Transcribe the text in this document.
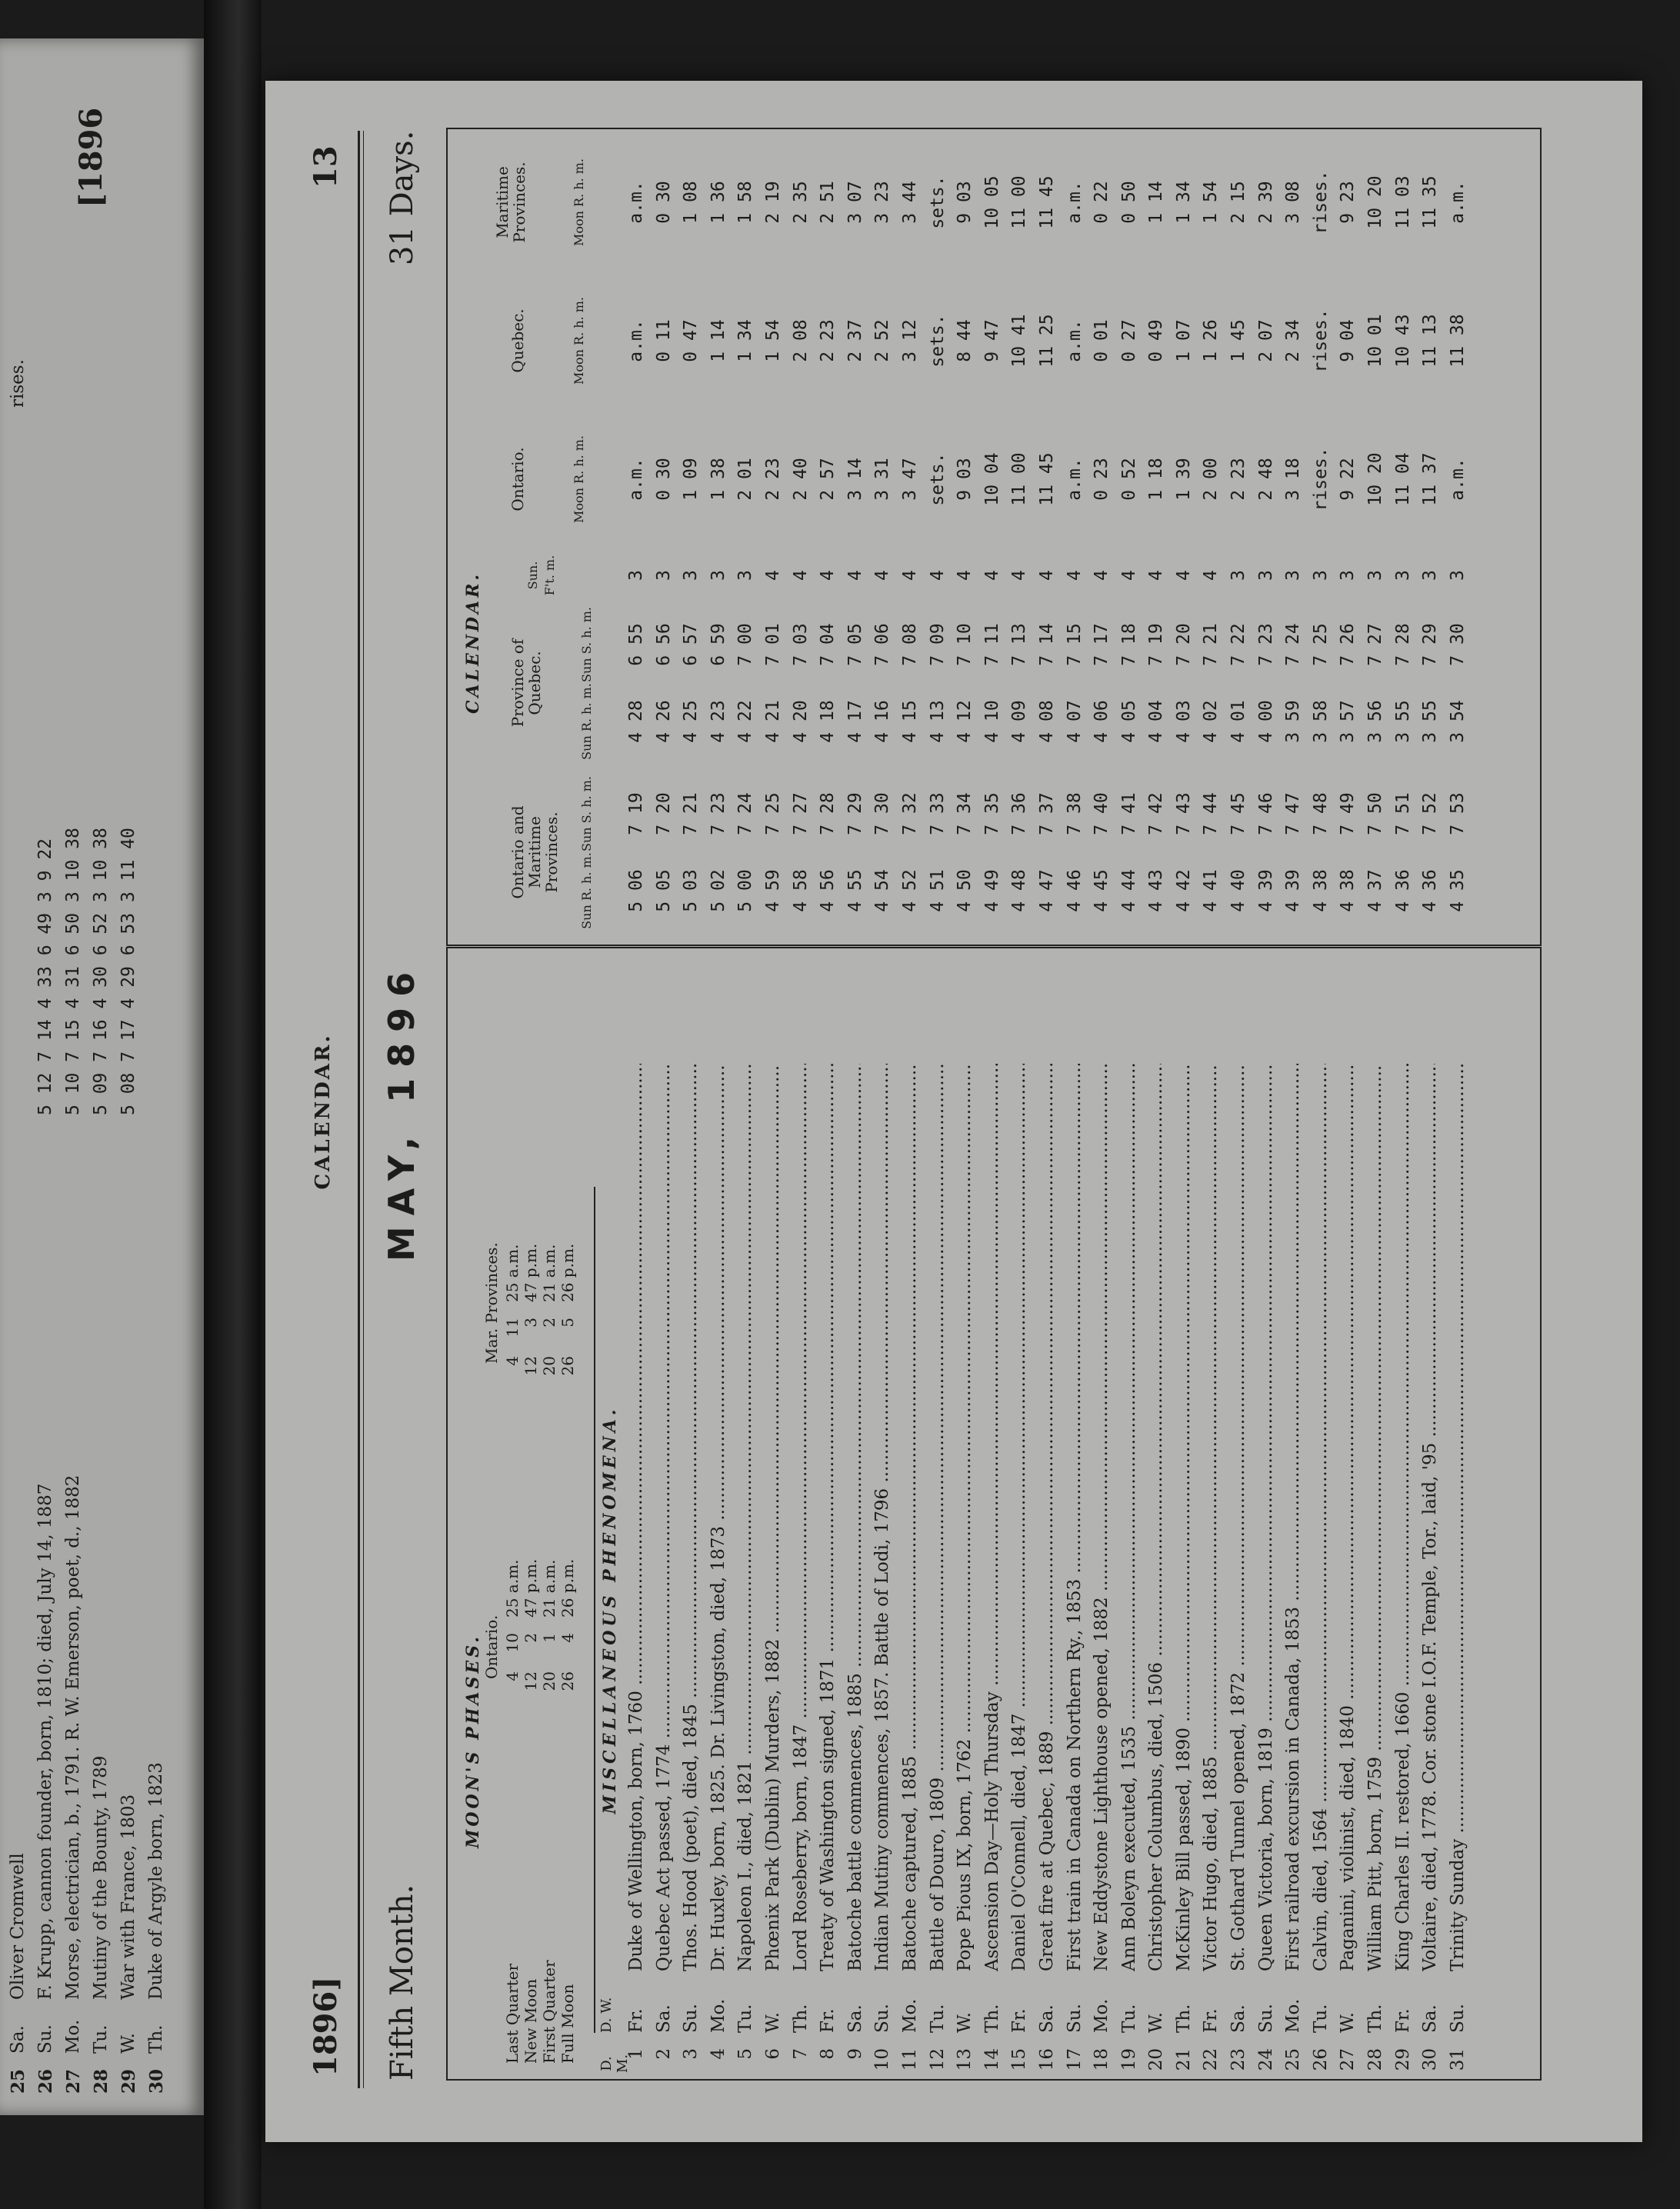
[1896
25
Sa.
Oliver Cromwell
rises.
26
Su.
F. Krupp, cannon founder, born, 1810; died, July 14, 1887
5 12 7 14 4 33 6 49 3 9 22
27
Mo.
Morse, electrician, b., 1791. R. W. Emerson, poet, d., 1882
5 10 7 15 4 31 6 50 3 10 38
28
Tu.
Mutiny of the Bounty, 1789
5 09 7 16 4 30 6 52 3 10 38
29
W.
War with France, 1803
5 08 7 17 4 29 6 53 3 11 40
30
Th.
Duke of Argyle born, 1823
1896]
CALENDAR.
13
Fifth Month.
MAY, 1896
31 Days.
MOON'S PHASES. Ontario.
Mar. Provinces.
Last Quarter
4
10
25 a.m.
4
11
25 a.m.
New Moon
12
2
47 p.m.
12
3
47 p.m.
First Quarter
20
1
21 a.m.
20
2
21 a.m.
Full Moon
26
4
26 p.m.
26
5
26 p.m.
MISCELLANEOUS PHENOMENA.
D. M.
D. W.
1
Fr.
Duke of Wellington, born, 1760 .....
2
Sa.
Quebec Act passed, 1774 .....
3
Su.
Thos. Hood (poet), died, 1845 .....
4
Mo.
Dr. Huxley, born, 1825. Dr. Livingston, died, 1873 .....
5
Tu.
Napoleon I., died, 1821 .....
6
W.
Phœnix Park (Dublin) Murders, 1882 .....
7
Th.
Lord Roseberry, born, 1847 .....
8
Fr.
Treaty of Washington signed, 1871 .....
9
Sa.
Batoche battle commences, 1885 .....
10
Su.
Indian Mutiny commences, 1857. Battle of Lodi, 1796 .....
11
Mo.
Batoche captured, 1885 .....
12
Tu.
Battle of Douro, 1809 .....
13
W.
Pope Pious IX, born, 1762 .....
14
Th.
Ascension Day—Holy Thursday .....
15
Fr.
Daniel O'Connell, died, 1847 .....
16
Sa.
Great fire at Quebec, 1889 .....
17
Su.
First train in Canada on Northern Ry., 1853 .....
18
Mo.
New Eddystone Lighthouse opened, 1882 .....
19
Tu.
Ann Boleyn executed, 1535 .....
20
W.
Christopher Columbus, died, 1506 .....
21
Th.
McKinley Bill passed, 1890 .....
22
Fr.
Victor Hugo, died, 1885 .....
23
Sa.
St. Gothard Tunnel opened, 1872 .....
24
Su.
Queen Victoria, born, 1819 .....
25
Mo.
First railroad excursion in Canada, 1853 .....
26
Tu.
Calvin, died, 1564 .....
27
W.
Paganini, violinist, died, 1840 .....
28
Th.
William Pitt, born, 1759 .....
29
Fr.
King Charles II. restored, 1660 .....
30
Sa.
Voltaire, died, 1778. Cor. stone I.O.F. Temple, Tor., laid, '95 .....
31
Su.
Trinity Sunday .....
CALENDAR.
Ontario and Maritime Provinces.
Province of Quebec.
Sun R. h. m.
Sun S. h. m.
Sun R. h. m.
Sun S. h. m.
Sun. F't. m.
Ontario.
Quebec.
Maritime Provinces.
Moon R. h. m.
Moon R. h. m.
Moon R. h. m.
5 06
7 19
4 28
6 55
3
a.m.
a.m.
a.m.
5 05
7 20
4 26
6 56
3
0 30
0 11
0 30
5 03
7 21
4 25
6 57
3
1 09
0 47
1 08
5 02
7 23
4 23
6 59
3
1 38
1 14
1 36
5 00
7 24
4 22
7 00
3
2 01
1 34
1 58
4 59
7 25
4 21
7 01
4
2 23
1 54
2 19
4 58
7 27
4 20
7 03
4
2 40
2 08
2 35
4 56
7 28
4 18
7 04
4
2 57
2 23
2 51
4 55
7 29
4 17
7 05
4
3 14
2 37
3 07
4 54
7 30
4 16
7 06
4
3 31
2 52
3 23
4 52
7 32
4 15
7 08
4
3 47
3 12
3 44
4 51
7 33
4 13
7 09
4
sets.
sets.
sets.
4 50
7 34
4 12
7 10
4
9 03
8 44
9 03
4 49
7 35
4 10
7 11
4
10 04
9 47
10 05
4 48
7 36
4 09
7 13
4
11 00
10 41
11 00
4 47
7 37
4 08
7 14
4
11 45
11 25
11 45
4 46
7 38
4 07
7 15
4
a.m.
a.m.
a.m.
4 45
7 40
4 06
7 17
4
0 23
0 01
0 22
4 44
7 41
4 05
7 18
4
0 52
0 27
0 50
4 43
7 42
4 04
7 19
4
1 18
0 49
1 14
4 42
7 43
4 03
7 20
4
1 39
1 07
1 34
4 41
7 44
4 02
7 21
4
2 00
1 26
1 54
4 40
7 45
4 01
7 22
3
2 23
1 45
2 15
4 39
7 46
4 00
7 23
3
2 48
2 07
2 39
4 39
7 47
3 59
7 24
3
3 18
2 34
3 08
4 38
7 48
3 58
7 25
3
rises.
rises.
rises.
4 38
7 49
3 57
7 26
3
9 22
9 04
9 23
4 37
7 50
3 56
7 27
3
10 20
10 01
10 20
4 36
7 51
3 55
7 28
3
11 04
10 43
11 03
4 36
7 52
3 55
7 29
3
11 37
11 13
11 35
4 35
7 53
3 54
7 30
3
a.m.
11 38
a.m.
